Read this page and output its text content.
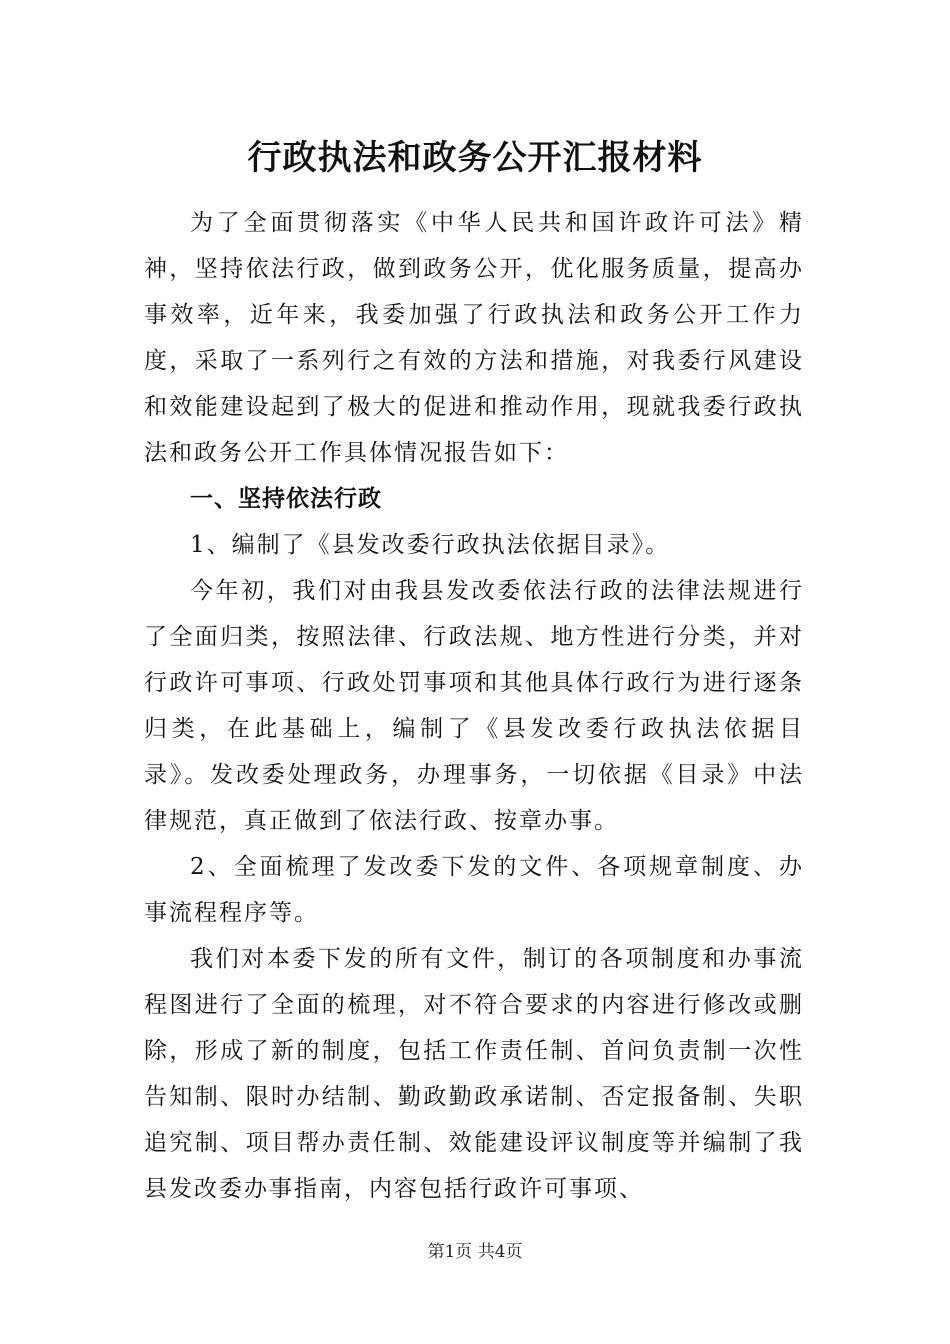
行政执法和政务公开汇报材料

为了全面贯彻落实《中华人民共和国许政许可法》精神，坚持依法行政，做到政务公开，优化服务质量，提高办事效率，近年来，我委加强了行政执法和政务公开工作力度，采取了一系列行之有效的方法和措施，对我委行风建设和效能建设起到了极大的促进和推动作用，现就我委行政执法和政务公开工作具体情况报告如下：

一、坚持依法行政

1、编制了《县发改委行政执法依据目录》。

今年初，我们对由我县发改委依法行政的法律法规进行了全面归类，按照法律、行政法规、地方性进行分类，并对行政许可事项、行政处罚事项和其他具体行政行为进行逐条归类，在此基础上，编制了《县发改委行政执法依据目录》。发改委处理政务，办理事务，一切依据《目录》中法律规范，真正做到了依法行政、按章办事。

2、全面梳理了发改委下发的文件、各项规章制度、办事流程程序等。

我们对本委下发的所有文件，制订的各项制度和办事流程图进行了全面的梳理，对不符合要求的内容进行修改或删除，形成了新的制度，包括工作责任制、首问负责制一次性告知制、限时办结制、勤政勤政承诺制、否定报备制、失职追究制、项目帮办责任制、效能建设评议制度等并编制了我县发改委办事指南，内容包括行政许可事项、

第1页 共4页
